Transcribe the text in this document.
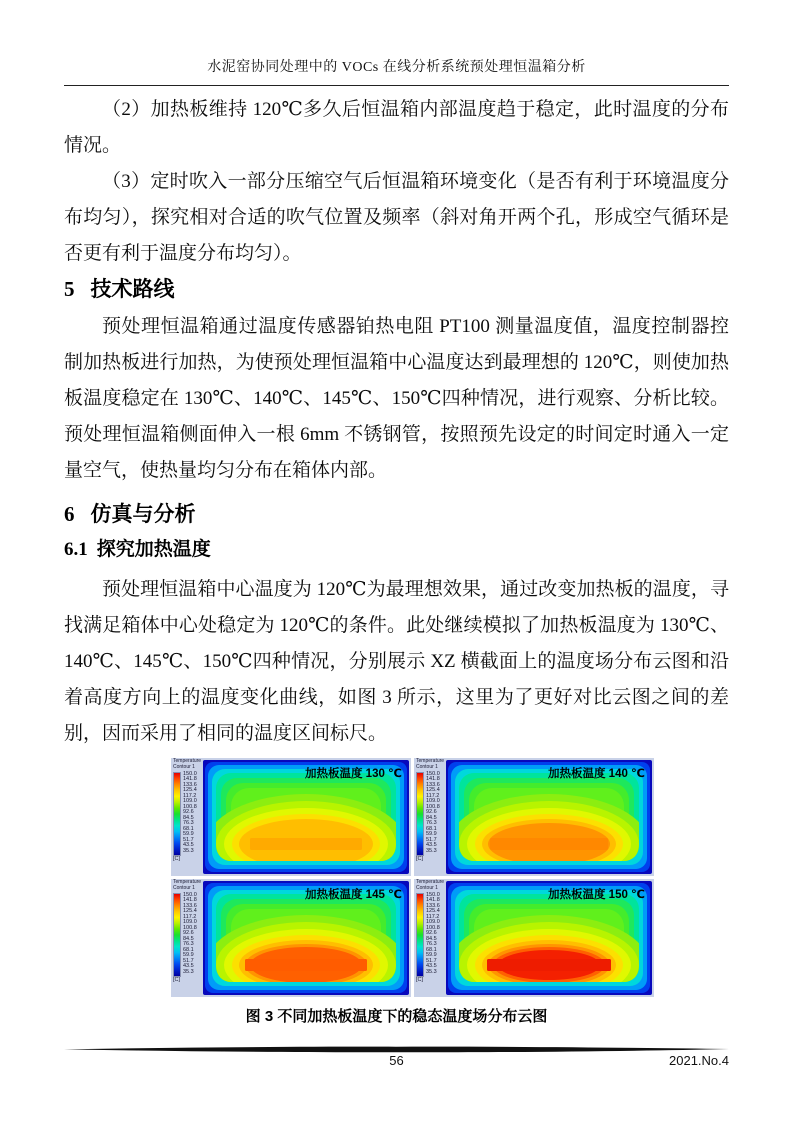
水泥窑协同处理中的 VOCs 在线分析系统预处理恒温箱分析

（2）加热板维持 120℃多久后恒温箱内部温度趋于稳定，此时温度的分布情况。

（3）定时吹入一部分压缩空气后恒温箱环境变化（是否有利于环境温度分布均匀），探究相对合适的吹气位置及频率（斜对角开两个孔，形成空气循环是否更有利于温度分布均匀）。

5 技术路线

预处理恒温箱通过温度传感器铂热电阻 PT100 测量温度值，温度控制器控制加热板进行加热，为使预处理恒温箱中心温度达到最理想的 120℃，则使加热板温度稳定在 130℃、140℃、145℃、150℃四种情况，进行观察、分析比较。预处理恒温箱侧面伸入一根 6mm 不锈钢管，按照预先设定的时间定时通入一定量空气，使热量均匀分布在箱体内部。

6 仿真与分析
6.1 探究加热温度

预处理恒温箱中心温度为 120℃为最理想效果，通过改变加热板的温度，寻找满足箱体中心处稳定为 120℃的条件。此处继续模拟了加热板温度为 130℃、140℃、145℃、150℃四种情况，分别展示 XZ 横截面上的温度场分布云图和沿着高度方向上的温度变化曲线，如图 3 所示，这里为了更好对比云图之间的差别，因而采用了相同的温度区间标尺。

Temperature
Contour 1
150.0
141.8
133.6
125.4
117.2
109.0
100.8
92.6
84.5
76.3
68.1
59.9
51.7
43.5
35.3
[C]
加热板温度 130 ℃
Temperature
Contour 1
150.0
141.8
133.6
125.4
117.2
109.0
100.8
92.6
84.5
76.3
68.1
59.9
51.7
43.5
35.3
[C]
加热板温度 140 ℃
Temperature
Contour 1
150.0
141.8
133.6
125.4
117.2
109.0
100.8
92.6
84.5
76.3
68.1
59.9
51.7
43.5
35.3
[C]
加热板温度 145 ℃
Temperature
Contour 1
150.0
141.8
133.6
125.4
117.2
109.0
100.8
92.6
84.5
76.3
68.1
59.9
51.7
43.5
35.3
[C]
加热板温度 150 ℃
图 3 不同加热板温度下的稳态温度场分布云图
56	2021.No.4
